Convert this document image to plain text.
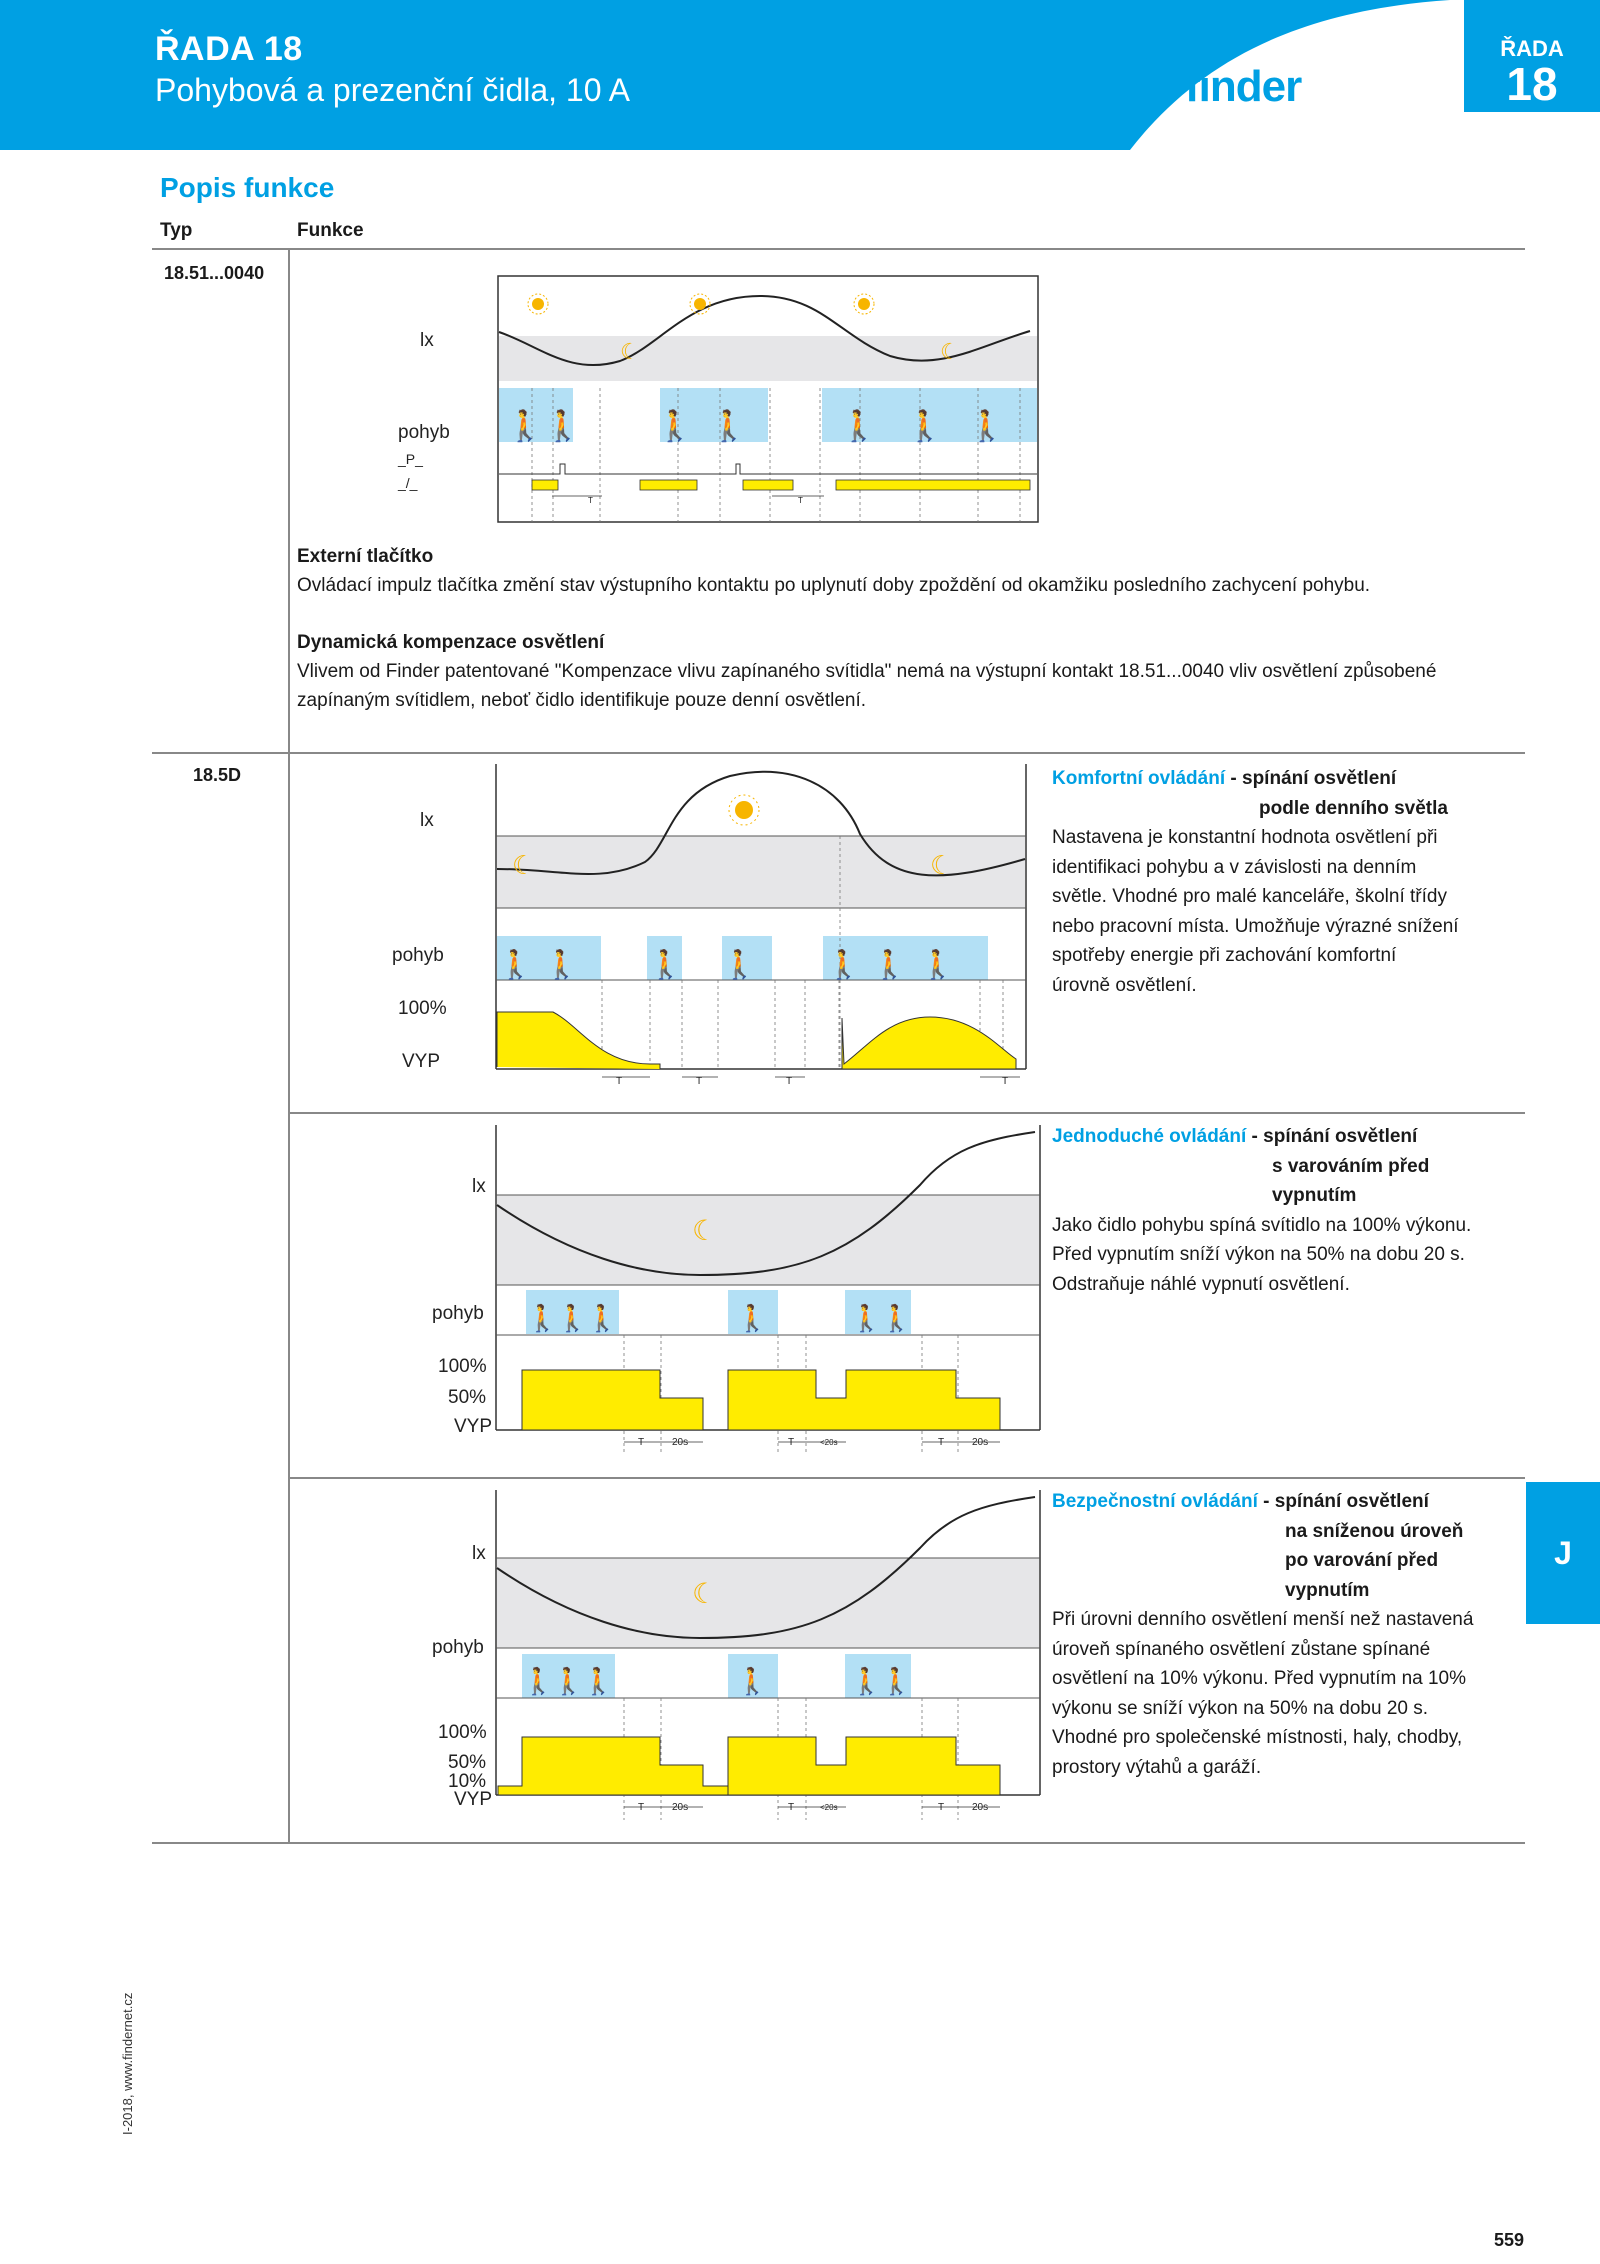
ŘADA 18
Pohybová a prezenční čidla, 10 A	finder
ŘADA
18
Popis funkce
Typ	Funkce
18.51...0040
☾	☾
🚶 🚶 🚶 🚶	🚶 🚶 🚶
lx
pohyb
_P_
_/_
T	T
Externí tlačítko
Ovládací impulz tlačítka změní stav výstupního kontaktu po uplynutí doby zpoždění od okamžiku posledního zachycení pohybu.
Dynamická kompenzace osvětlení
Vlivem od Finder patentované "Kompenzace vlivu zapínaného svítidla" nemá na výstupní kontakt 18.51...0040 vliv osvětlení způsobené
zapínaným svítidlem, neboť čidlo identifikuje pouze denní osvětlení.
18.5D
☾	☾
🚶 🚶 🚶 🚶 🚶 🚶 🚶
lx
pohyb
100%
VYP
T	T	T	T
Komfortní ovládání - spínání osvětlení
podle denního světla
Nastavena je konstantní hodnota osvětlení při
identifikaci pohybu a v závislosti na denním
světle. Vhodné pro malé kanceláře, školní třídy
nebo pracovní místa. Umožňuje výrazné snížení
spotřeby energie při zachování komfortní
úrovně osvětlení.
☾
🚶
🚶
🚶	🚶	🚶
🚶
lx
pohyb
100%
50%
VYP
T	20s	T	<20s	T	20s
Jednoduché ovládání - spínání osvětlení
s varováním před
vypnutím
Jako čidlo pohybu spíná svítidlo na 100% výkonu.
Před vypnutím sníží výkon na 50% na dobu 20 s.
Odstraňuje náhlé vypnutí osvětlení.
☾
🚶
🚶
🚶	🚶	🚶
🚶
lx
pohyb
100%
50%
10%
VYP	T	20s	T	<20s	T	20s
Bezpečnostní ovládání - spínání osvětlení
na sníženou úroveň
po varování před
vypnutím
Při úrovni denního osvětlení menší než nastavená
úroveň spínaného osvětlení zůstane spínané
osvětlení na 10% výkonu. Před vypnutím na 10%
výkonu se sníží výkon na 50% na dobu 20 s.
Vhodné pro společenské místnosti, haly, chodby,
prostory výtahů a garáží.
J
I-2018, www.findernet.cz
559
